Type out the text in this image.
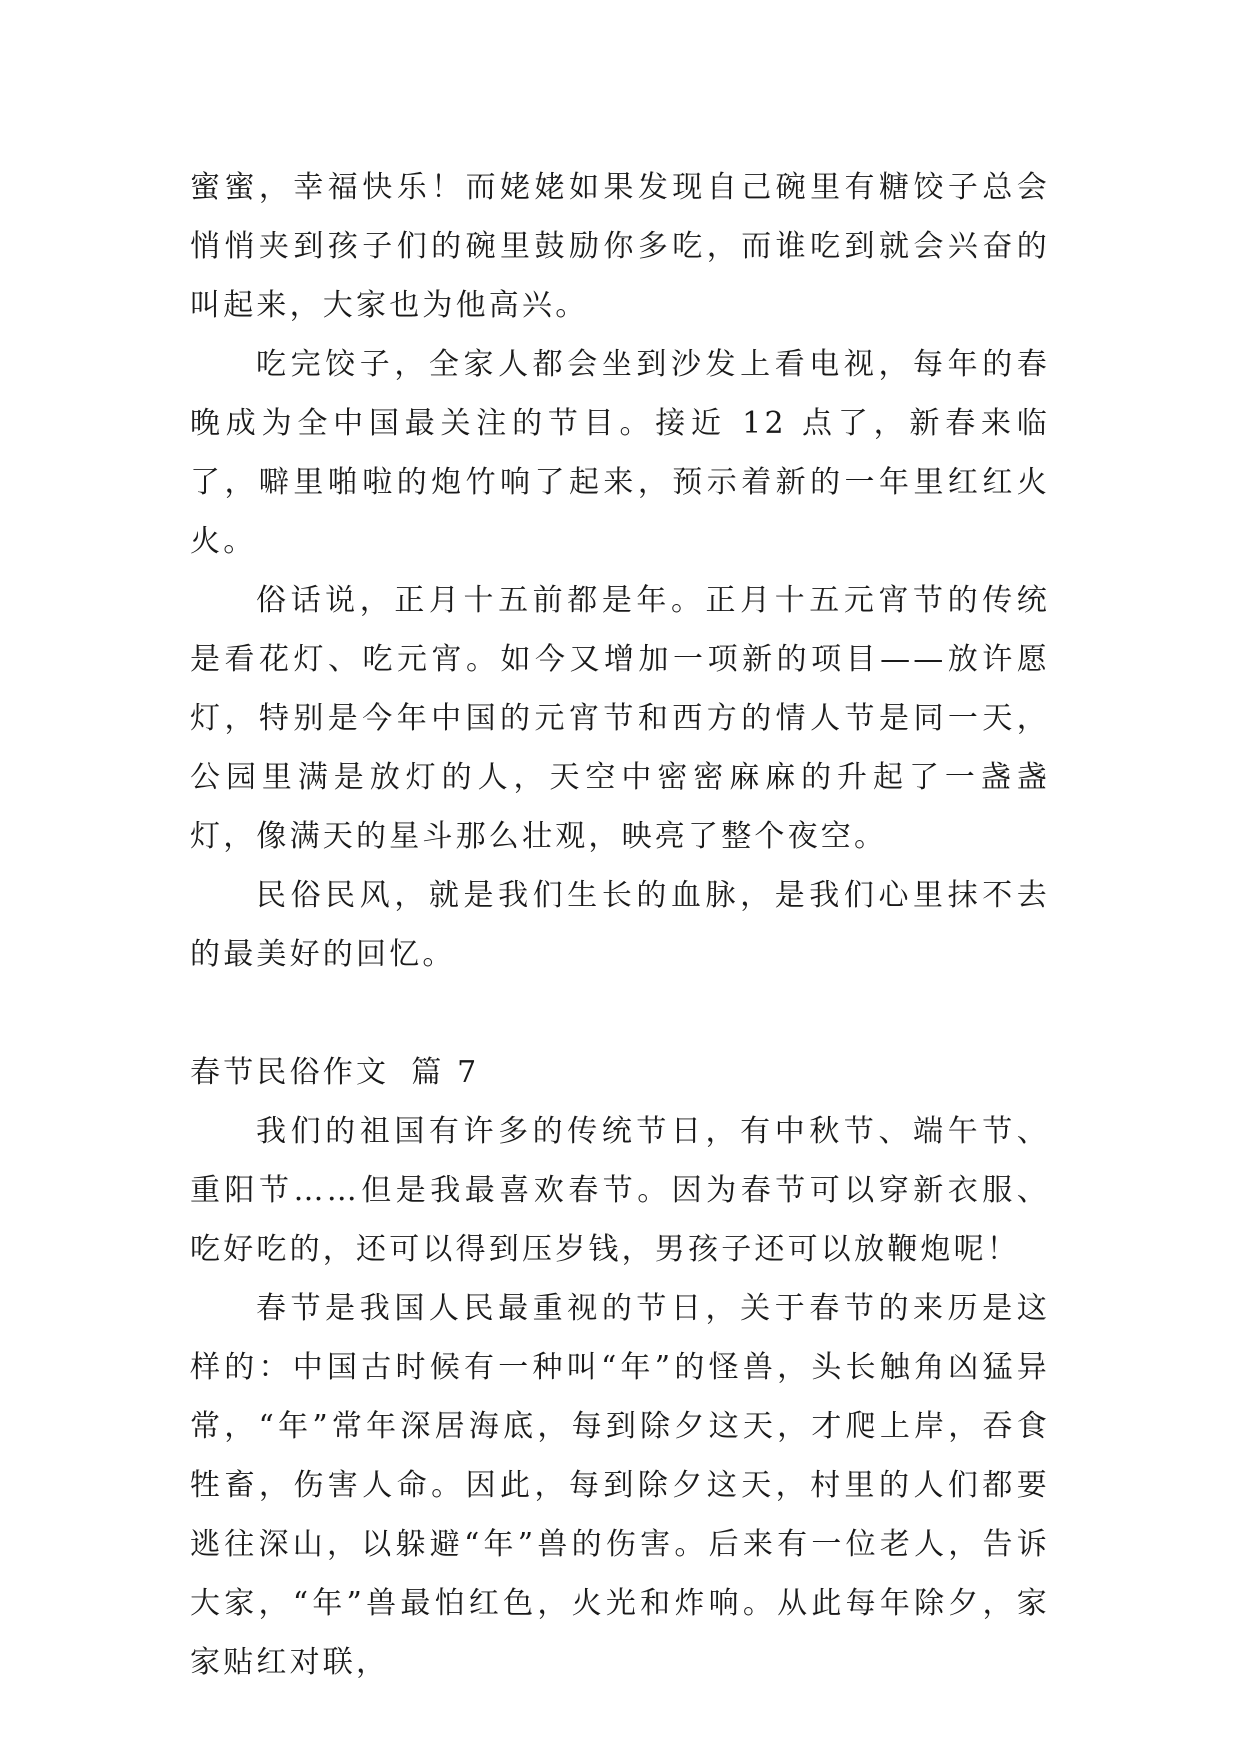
蜜蜜，幸福快乐！而姥姥如果发现自己碗里有糖饺子总会悄悄夹到孩子们的碗里鼓励你多吃，而谁吃到就会兴奋的叫起来，大家也为他高兴。

吃完饺子，全家人都会坐到沙发上看电视，每年的春晚成为全中国最关注的节目。接近 12 点了，新春来临了，噼里啪啦的炮竹响了起来，预示着新的一年里红红火火。

俗话说，正月十五前都是年。正月十五元宵节的传统是看花灯、吃元宵。如今又增加一项新的项目——放许愿灯，特别是今年中国的元宵节和西方的情人节是同一天，公园里满是放灯的人，天空中密密麻麻的升起了一盏盏灯，像满天的星斗那么壮观，映亮了整个夜空。

民俗民风，就是我们生长的血脉，是我们心里抹不去的最美好的回忆。

春节民俗作文 篇 7

我们的祖国有许多的传统节日，有中秋节、端午节、重阳节……但是我最喜欢春节。因为春节可以穿新衣服、吃好吃的，还可以得到压岁钱，男孩子还可以放鞭炮呢！

春节是我国人民最重视的节日，关于春节的来历是这样的：中国古时候有一种叫“年”的怪兽，头长触角凶猛异常，“年”常年深居海底，每到除夕这天，才爬上岸，吞食牲畜，伤害人命。因此，每到除夕这天，村里的人们都要逃往深山，以躲避“年”兽的伤害。后来有一位老人，告诉大家，“年”兽最怕红色，火光和炸响。从此每年除夕，家家贴红对联，
